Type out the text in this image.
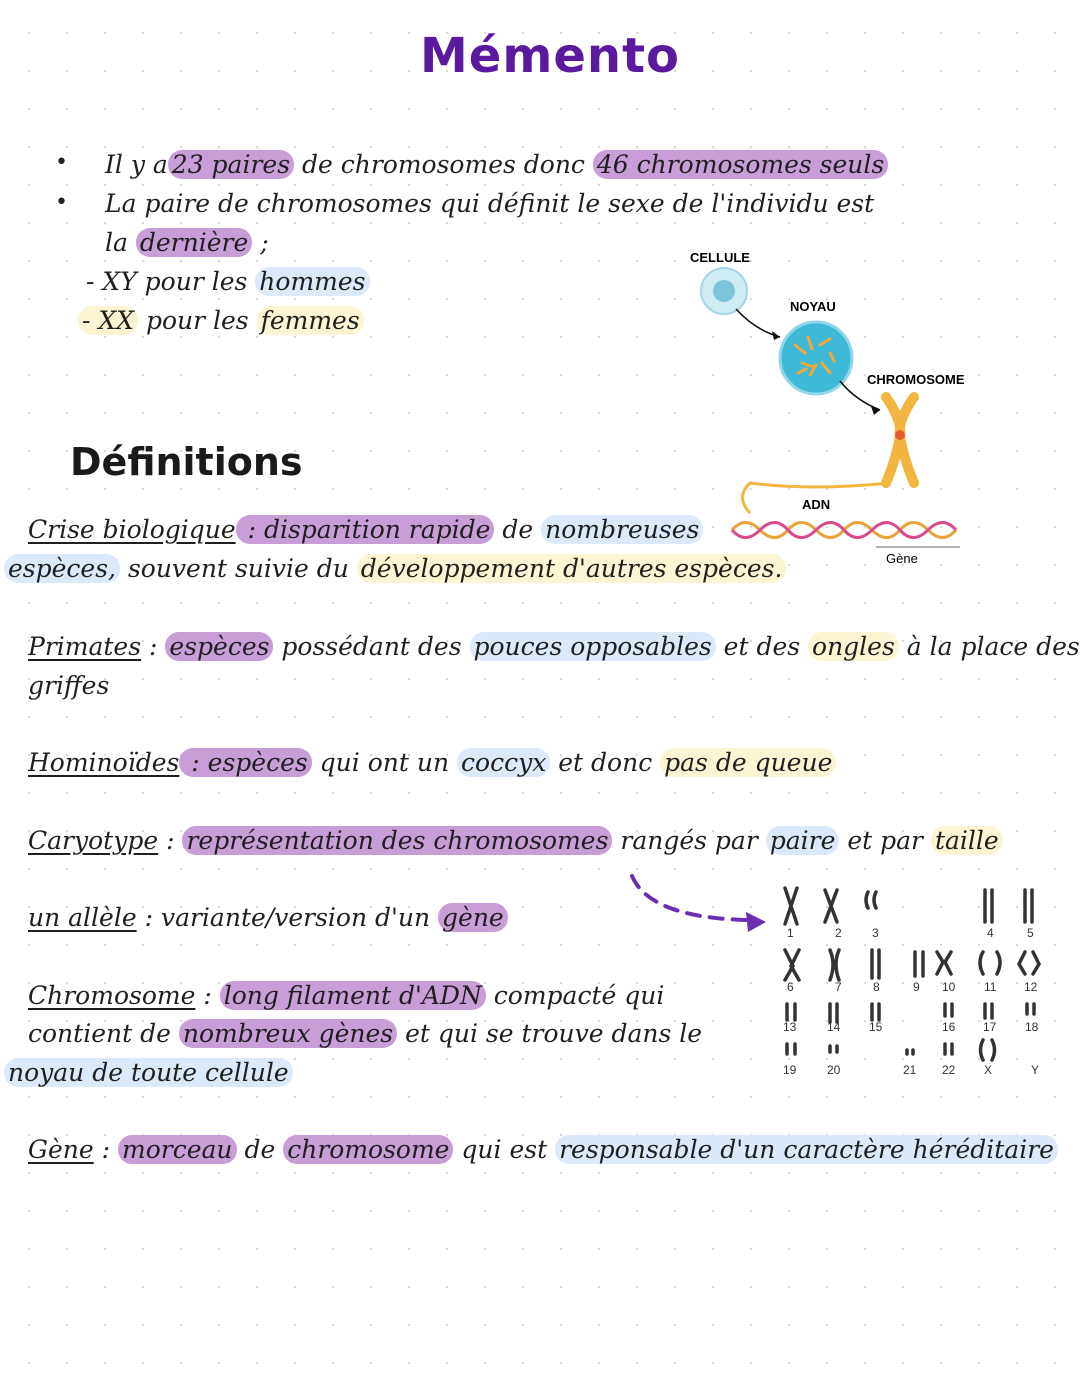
Mémento
• Il y a 23 paires de chromosomes donc 46 chromosomes seuls
• La paire de chromosomes qui définit le sexe de l'individu est
la dernière ;
- XY pour les hommes
- XX pour les femmes
CELLULE
NOYAU
CHROMOSOME
ADN
Gène
Définitions
Crise biologique : disparition rapide de nombreuses
espèces, souvent suivie du développement d'autres espèces.
Primates : espèces possédant des pouces opposables et des ongles à la place des
griffes
Hominoïdes : espèces qui ont un coccyx et donc pas de queue
Caryotype : représentation des chromosomes rangés par paire et par taille
un allèle : variante/version d'un gène
1	2	3	4	5
6	7	8	9 10 11 12
13	14 15	16 17 18
19	20	21 22 X	Y
Chromosome : long filament d'ADN compacté qui
contient de nombreux gènes et qui se trouve dans le
noyau de toute cellule
Gène : morceau de chromosome qui est responsable d'un caractère héréditaire
